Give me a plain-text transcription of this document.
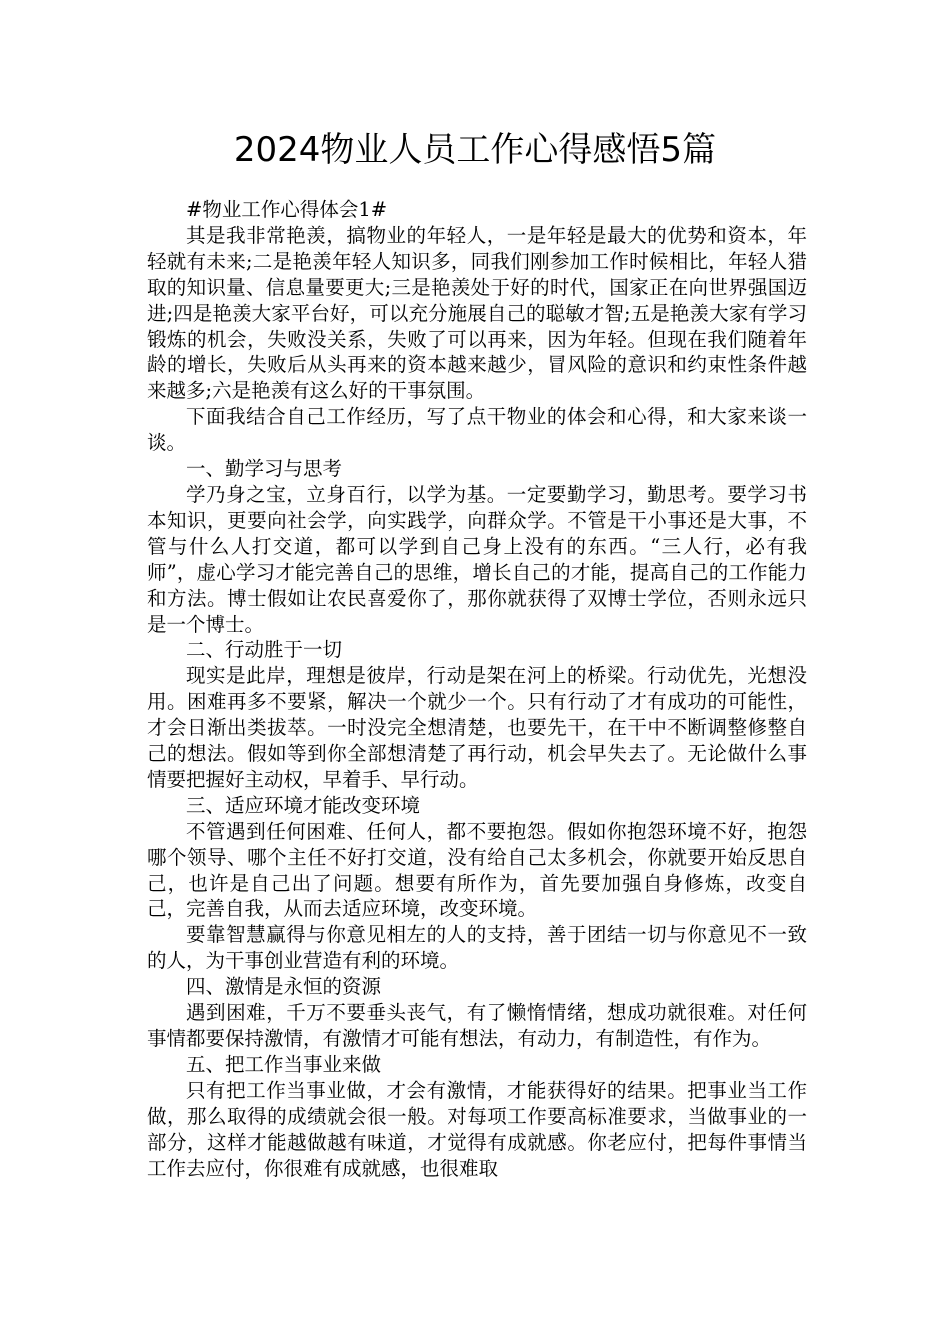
2024物业人员工作心得感悟5篇

#物业工作心得体会1#

其是我非常艳羡，搞物业的年轻人，一是年轻是最大的优势和资本，年轻就有未来;二是艳羡年轻人知识多，同我们刚参加工作时候相比，年轻人猎取的知识量、信息量要更大;三是艳羡处于好的时代，国家正在向世界强国迈进;四是艳羡大家平台好，可以充分施展自己的聪敏才智;五是艳羡大家有学习锻炼的机会，失败没关系，失败了可以再来，因为年轻。但现在我们随着年龄的增长，失败后从头再来的资本越来越少，冒风险的意识和约束性条件越来越多;六是艳羡有这么好的干事氛围。

下面我结合自己工作经历，写了点干物业的体会和心得，和大家来谈一谈。

一、勤学习与思考

学乃身之宝，立身百行，以学为基。一定要勤学习，勤思考。要学习书本知识，更要向社会学，向实践学，向群众学。不管是干小事还是大事，不管与什么人打交道，都可以学到自己身上没有的东西。“三人行，必有我师”，虚心学习才能完善自己的思维，增长自己的才能，提高自己的工作能力和方法。博士假如让农民喜爱你了，那你就获得了双博士学位，否则永远只是一个博士。

二、行动胜于一切

现实是此岸，理想是彼岸，行动是架在河上的桥梁。行动优先，光想没用。困难再多不要紧，解决一个就少一个。只有行动了才有成功的可能性，才会日渐出类拔萃。一时没完全想清楚，也要先干，在干中不断调整修整自己的想法。假如等到你全部想清楚了再行动，机会早失去了。无论做什么事情要把握好主动权，早着手、早行动。

三、适应环境才能改变环境

不管遇到任何困难、任何人，都不要抱怨。假如你抱怨环境不好，抱怨哪个领导、哪个主任不好打交道，没有给自己太多机会，你就要开始反思自己，也许是自己出了问题。想要有所作为，首先要加强自身修炼，改变自己，完善自我，从而去适应环境，改变环境。

要靠智慧赢得与你意见相左的人的支持，善于团结一切与你意见不一致的人，为干事创业营造有利的环境。

四、激情是永恒的资源

遇到困难，千万不要垂头丧气，有了懒惰情绪，想成功就很难。对任何事情都要保持激情，有激情才可能有想法，有动力，有制造性，有作为。

五、把工作当事业来做

只有把工作当事业做，才会有激情，才能获得好的结果。把事业当工作做，那么取得的成绩就会很一般。对每项工作要高标准要求，当做事业的一部分，这样才能越做越有味道，才觉得有成就感。你老应付，把每件事情当工作去应付，你很难有成就感，也很难取
